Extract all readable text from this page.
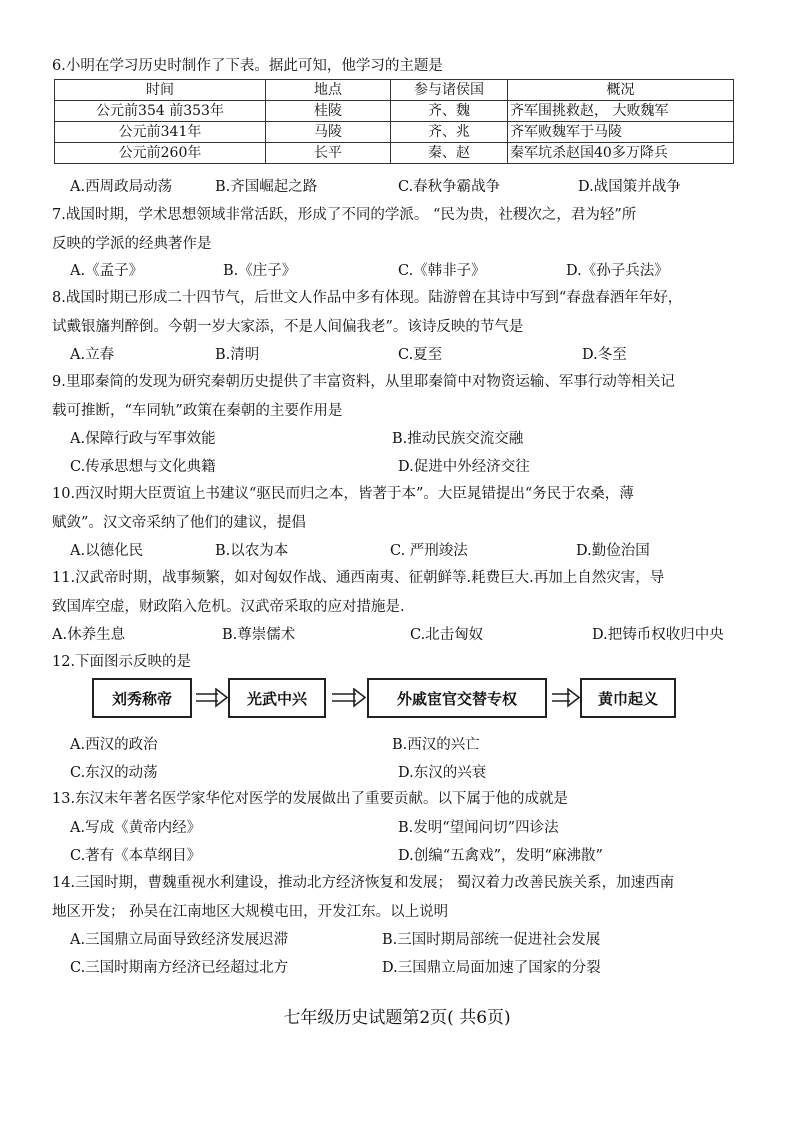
6.小明在学习历史时制作了下表。据此可知，他学习的主题是
时间	地点	参与诸侯国	概况
公元前354 前353年	桂陵	齐、魏	齐军围挑救赵， 大败魏军
公元前341年	马陵	齐、兆	齐军败魏军于马陵
公元前260年	长平	秦、赵	秦军坑杀赵国40多万降兵
A.西周政局动荡	B.齐国崛起之路	C.春秋争霸战争	D.战国策并战争
7.战国时期，学术思想领域非常活跃，形成了不同的学派。 “民为贵，社稷次之，君为轻”所
反映的学派的经典著作是
A.《孟子》	B.《庄子》	C.《韩非子》	D.《孙子兵法》
8.战国时期已形成二十四节气，后世文人作品中多有体现。陆游曾在其诗中写到“春盘春酒年年好，
试戴银旛判醉倒。今朝一岁大家添，不是人间偏我老”。该诗反映的节气是
A.立春	B.清明	C.夏至	D.冬至
9.里耶秦简的发现为研究秦朝历史提供了丰富资料，从里耶秦简中对物资运输、军事行动等相关记
载可推断，“车同轨”政策在秦朝的主要作用是
A.保障行政与军事效能	B.推动民族交流交融
C.传承思想与文化典籍	D.促进中外经济交往
10.西汉时期大臣贾谊上书建议“驱民而归之本，皆著于本”。大臣晁错提出“务民于农桑，薄
赋敛”。汉文帝采纳了他们的建议，提倡
A.以德化民	B.以农为本	C. 严刑竣法	D.勤俭治国
11.汉武帝时期，战事频繁，如对匈奴作战、通西南夷、征朝鲜等.耗费巨大.再加上自然灾害，导
致国库空虚，财政陷入危机。汉武帝采取的应对措施是.
A.休养生息	B.尊崇儒术	C.北击匈奴	D.把铸币权收归中央
12.下面图示反映的是
刘秀称帝	光武中兴	外戚宦官交替专权	黄巾起义
A.西汉的政治	B.西汉的兴亡
C.东汉的动荡	D.东汉的兴衰
13.东汉末年著名医学家华佗对医学的发展做出了重要贡献。以下属于他的成就是
A.写成《黄帝内经》	B.发明“望闻问切”四诊法
C.著有《本草纲目》	D.创编“五禽戏”，发明“麻沸散”
14.三国时期，曹魏重视水利建设，推动北方经济恢复和发展； 蜀汉着力改善民族关系，加速西南
地区开发； 孙吴在江南地区大规模屯田，开发江东。以上说明
A.三国鼎立局面导致经济发展迟滞	B.三国时期局部统一促进社会发展
C.三国时期南方经济已经超过北方	D.三国鼎立局面加速了国家的分裂
七年级历史试题第2页( 共6页)
